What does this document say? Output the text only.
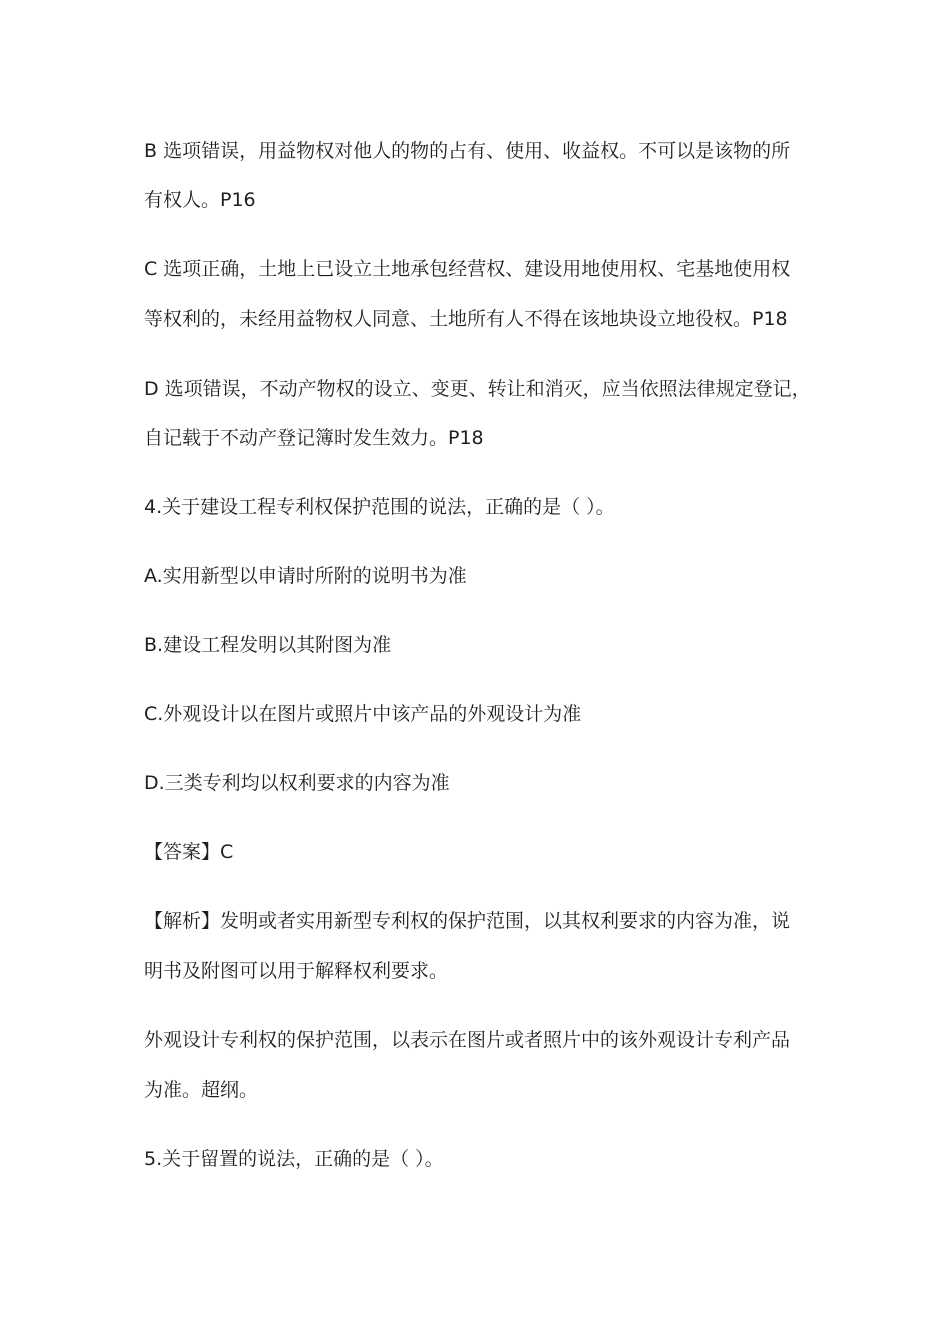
B 选项错误，用益物权对他人的物的占有、使用、收益权。不可以是该物的所
有权人。P16
C 选项正确，土地上已设立土地承包经营权、建设用地使用权、宅基地使用权
等权利的，未经用益物权人同意、土地所有人不得在该地块设立地役权。P18
D 选项错误，不动产物权的设立、变更、转让和消灭，应当依照法律规定登记，
自记载于不动产登记簿时发生效力。P18
4.关于建设工程专利权保护范围的说法，正确的是（ ）。
A.实用新型以申请时所附的说明书为准
B.建设工程发明以其附图为准
C.外观设计以在图片或照片中该产品的外观设计为准
D.三类专利均以权利要求的内容为准
【答案】C
【解析】发明或者实用新型专利权的保护范围，以其权利要求的内容为准，说
明书及附图可以用于解释权利要求。
外观设计专利权的保护范围，以表示在图片或者照片中的该外观设计专利产品
为准。超纲。
5.关于留置的说法，正确的是（ ）。
